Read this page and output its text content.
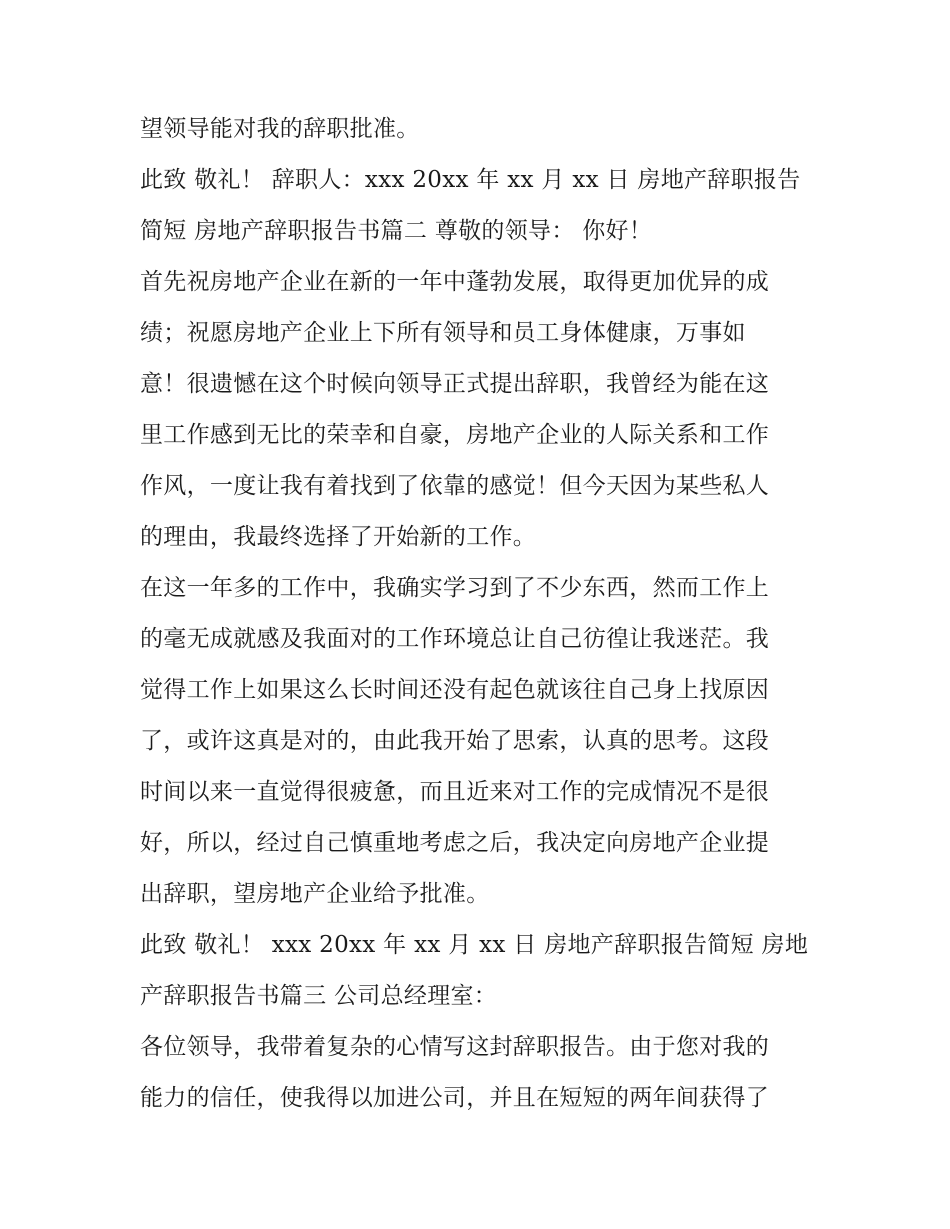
望领导能对我的辞职批准。
此致 敬礼！ 辞职人：xxx 20xx 年 xx 月 xx 日 房地产辞职报告
简短 房地产辞职报告书篇二 尊敬的领导： 你好！
首先祝房地产企业在新的一年中蓬勃发展，取得更加优异的成
绩；祝愿房地产企业上下所有领导和员工身体健康，万事如
意！很遗憾在这个时候向领导正式提出辞职，我曾经为能在这
里工作感到无比的荣幸和自豪，房地产企业的人际关系和工作
作风，一度让我有着找到了依靠的感觉！但今天因为某些私人
的理由，我最终选择了开始新的工作。
在这一年多的工作中，我确实学习到了不少东西，然而工作上
的毫无成就感及我面对的工作环境总让自己彷徨让我迷茫。我
觉得工作上如果这么长时间还没有起色就该往自己身上找原因
了，或许这真是对的，由此我开始了思索，认真的思考。这段
时间以来一直觉得很疲惫，而且近来对工作的完成情况不是很
好，所以，经过自己慎重地考虑之后，我决定向房地产企业提
出辞职，望房地产企业给予批准。
此致 敬礼！ xxx 20xx 年 xx 月 xx 日 房地产辞职报告简短 房地
产辞职报告书篇三 公司总经理室：
各位领导，我带着复杂的心情写这封辞职报告。由于您对我的
能力的信任，使我得以加进公司，并且在短短的两年间获得了
